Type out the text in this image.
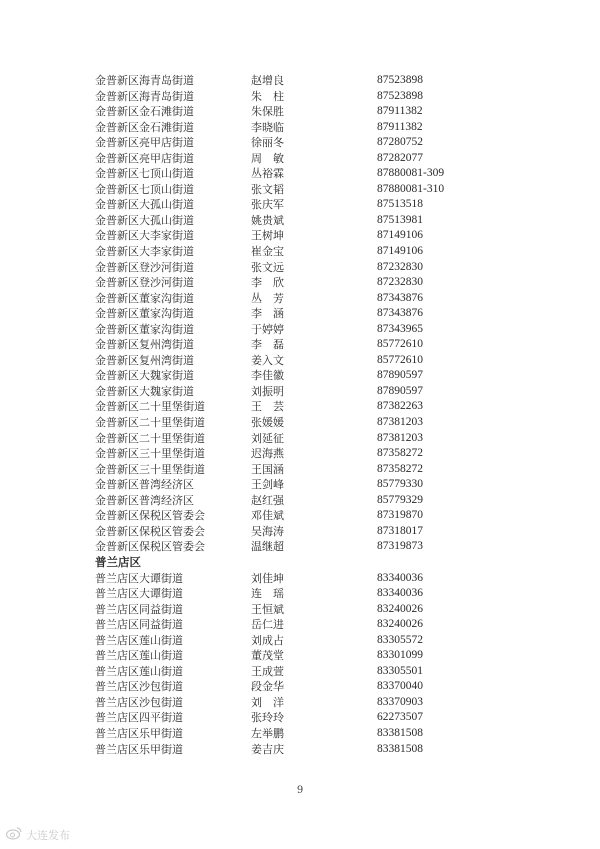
金普新区海青岛街道	赵增良	87523898
金普新区海青岛街道	朱　柱	87523898
金普新区金石滩街道	朱保胜	87911382
金普新区金石滩街道	李晓临	87911382
金普新区亮甲店街道	徐丽冬	87280752
金普新区亮甲店街道	周　敏	87282077
金普新区七顶山街道	丛裕霖	87880081-309
金普新区七顶山街道	张文韬	87880081-310
金普新区大孤山街道	张庆军	87513518
金普新区大孤山街道	姚贵斌	87513981
金普新区大李家街道	王树坤	87149106
金普新区大李家街道	崔金宝	87149106
金普新区登沙河街道	张文远	87232830
金普新区登沙河街道	李　欣	87232830
金普新区董家沟街道	丛　芳	87343876
金普新区董家沟街道	李　涵	87343876
金普新区董家沟街道	于婷婷	87343965
金普新区复州湾街道	李　磊	85772610
金普新区复州湾街道	姜入文	85772610
金普新区大魏家街道	李佳徽	87890597
金普新区大魏家街道	刘振明	87890597
金普新区二十里堡街道	王　芸	87382263
金普新区二十里堡街道	张媛媛	87381203
金普新区二十里堡街道	刘延征	87381203
金普新区三十里堡街道	迟海燕	87358272
金普新区三十里堡街道	王国涵	87358272
金普新区普湾经济区	王剑峰	85779330
金普新区普湾经济区	赵红强	85779329
金普新区保税区管委会	邓佳斌	87319870
金普新区保税区管委会	吴海涛	87318017
金普新区保税区管委会	温继超	87319873
普兰店区
普兰店区大谭街道	刘佳坤	83340036
普兰店区大谭街道	连　瑶	83340036
普兰店区同益街道	王恒斌	83240026
普兰店区同益街道	岳仁进	83240026
普兰店区莲山街道	刘成占	83305572
普兰店区莲山街道	董茂堂	83301099
普兰店区莲山街道	王成萱	83305501
普兰店区沙包街道	段金华	83370040
普兰店区沙包街道	刘　洋	83370903
普兰店区四平街道	张玲玲	62273507
普兰店区乐甲街道	左举鹏	83381508
普兰店区乐甲街道	姜吉庆	83381508
9
大连发布
